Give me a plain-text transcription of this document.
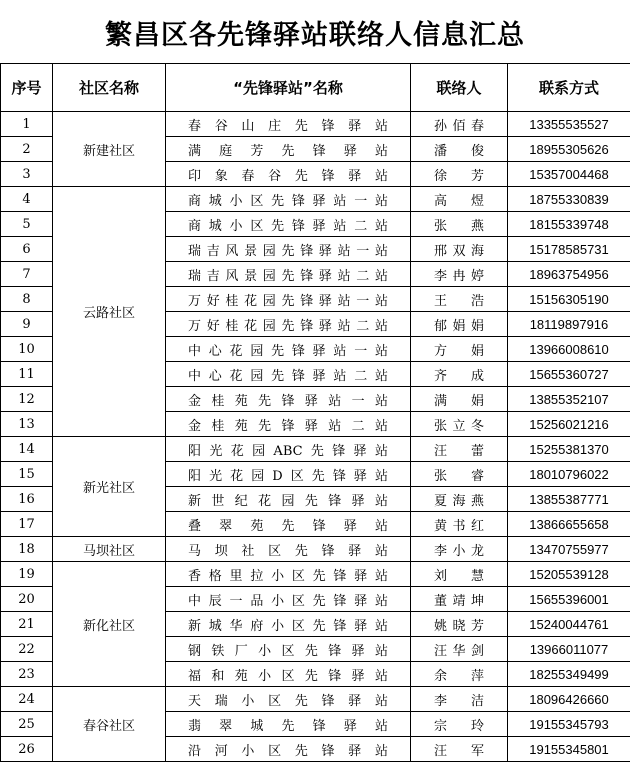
繁昌区各先锋驿站联络人信息汇总
序号	社区名称	“先锋驿站”名称	联络人	联系方式
1	新建社区	春谷山庄先锋驿站	孙佰春	13355535527
2		满庭芳先锋驿站	潘俊	18955305626
3		印象春谷先锋驿站	徐芳	15357004468
4	云路社区	商城小区先锋驿站一站	高煜	18755330839
5		商城小区先锋驿站二站	张燕	18155339748
6		瑞吉风景园先锋驿站一站	邢双海	15178585731
7		瑞吉风景园先锋驿站二站	李冉婷	18963754956
8		万好桂花园先锋驿站一站	王浩	15156305190
9		万好桂花园先锋驿站二站	郁娟娟	18119897916
10		中心花园先锋驿站一站	方娟	13966008610
11		中心花园先锋驿站二站	齐成	15655360727
12		金桂苑先锋驿站一站	满娟	13855352107
13		金桂苑先锋驿站二站	张立冬	15256021216
14	新光社区	阳光花园ABC先锋驿站	汪蕾	15255381370
15		阳光花园D区先锋驿站	张睿	18010796022
16		新世纪花园先锋驿站	夏海燕	13855387771
17		叠翠苑先锋驿站	黄书红	13866655658
18	马坝社区	马坝社区先锋驿站	李小龙	13470755977
19	新化社区	香格里拉小区先锋驿站	刘慧	15205539128
20		中辰一品小区先锋驿站	董靖坤	15655396001
21		新城华府小区先锋驿站	姚晓芳	15240044761
22		钢铁厂小区先锋驿站	汪华剑	13966011077
23		福和苑小区先锋驿站	余萍	18255349499
24	春谷社区	天瑞小区先锋驿站	李洁	18096426660
25		翡翠城先锋驿站	宗玲	19155345793
26		沿河小区先锋驿站	汪军	19155345801
